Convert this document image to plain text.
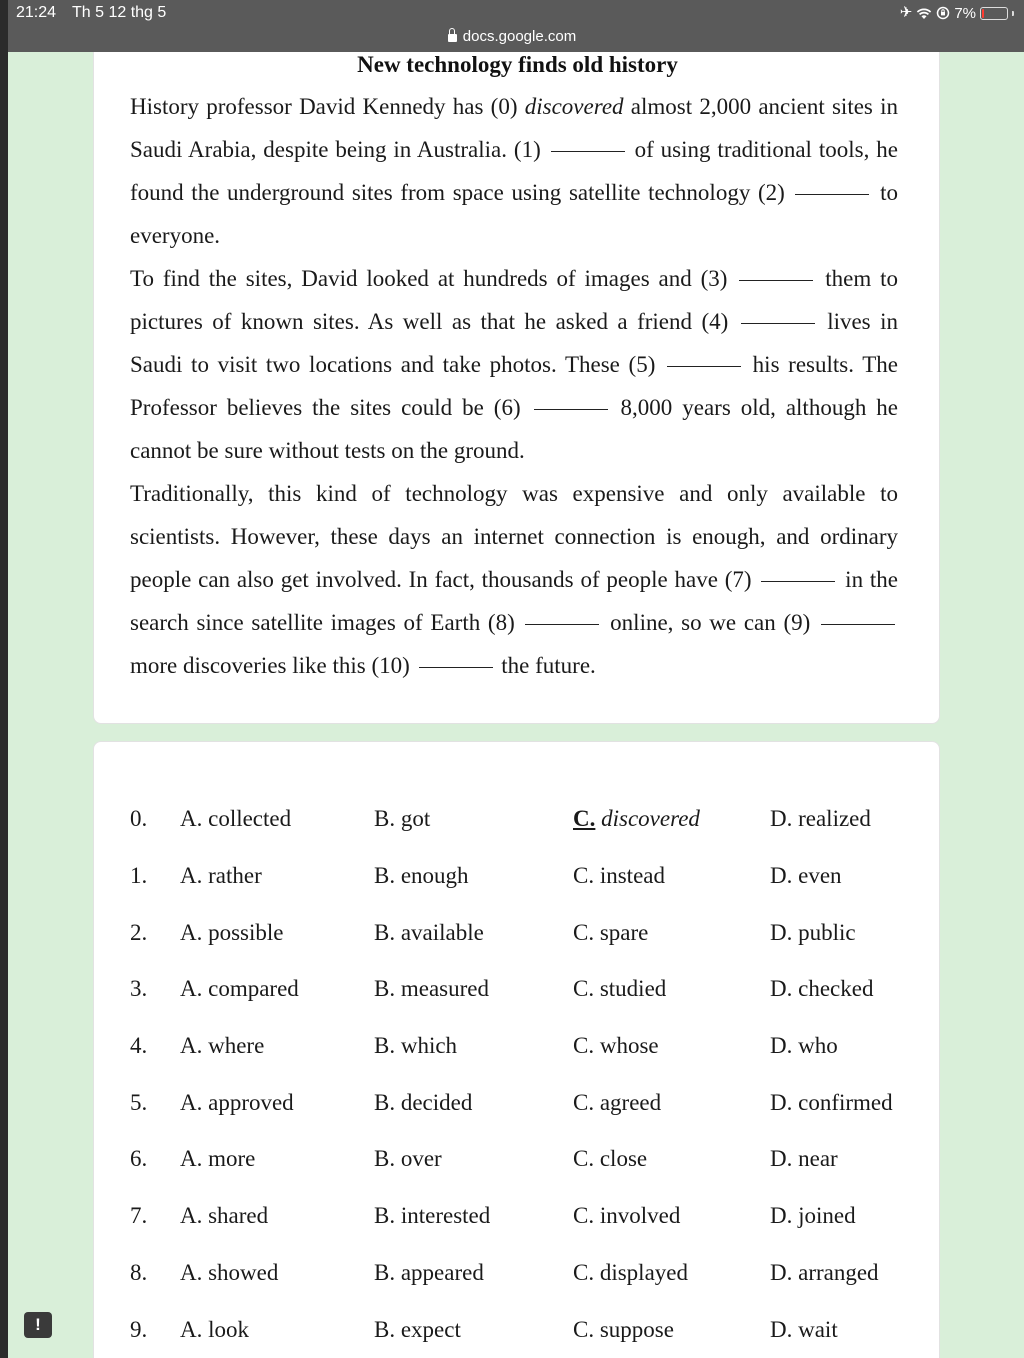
New technology finds old history

History professor David Kennedy has (0) discovered almost 2,000 ancient sites in Saudi Arabia, despite being in Australia. (1)	of using traditional tools, he found the underground sites from space using satellite technology (2)	to everyone.

To find the sites, David looked at hundreds of images and (3)	them to pictures of known sites. As well as that he asked a friend (4)	lives in Saudi to visit two locations and take photos. These (5)	his results. The Professor believes the sites could be (6)	8,000 years old, although he cannot be sure without tests on the ground.

Traditionally, this kind of technology was expensive and only available to scientists. However, these days an internet connection is enough, and ordinary people can also get involved. In fact, thousands of people have (7)	in the search since satellite images of Earth (8)	online, so we can (9)  more discoveries like this (10)	the future.

0. A. collected	B. got	C. discovered	D. realized
1. A. rather	B. enough	C. instead	D. even
2. A. possible	B. available	C. spare	D. public
3. A. compared	B. measured	C. studied	D. checked
4. A. where	B. which	C. whose	D. who
5. A. approved	B. decided	C. agreed	D. confirmed
6. A. more	B. over	C. close	D. near
7. A. shared	B. interested	C. involved	D. joined
8. A. showed	B. appeared	C. displayed	D. arranged
9. A. look	B. expect	C. suppose	D. wait
21:24 Th 5 12 thg 5	✈	7%
docs.google.com
!
